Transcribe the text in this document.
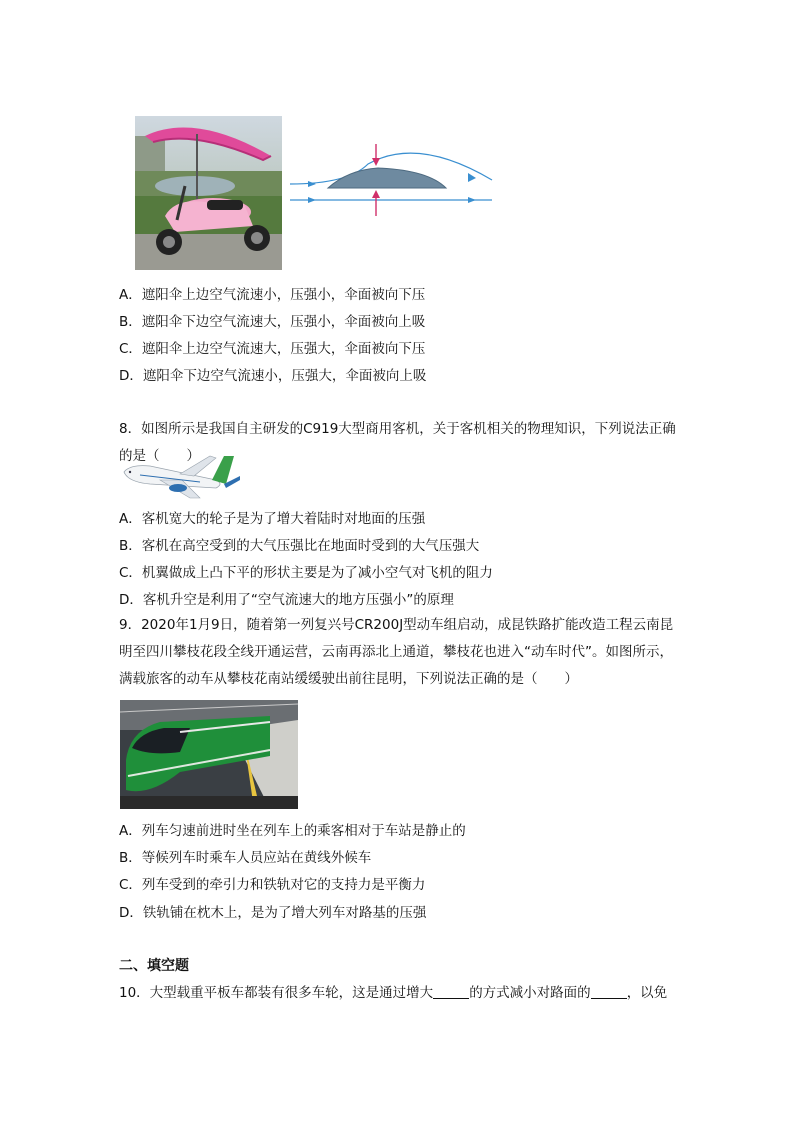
A．遮阳伞上边空气流速小，压强小，伞面被向下压
B．遮阳伞下边空气流速大，压强小，伞面被向上吸
C．遮阳伞上边空气流速大，压强大，伞面被向下压
D．遮阳伞下边空气流速小，压强大，伞面被向上吸
8．如图所示是我国自主研发的C919大型商用客机，关于客机相关的物理知识，下列说法正确的是（　　）
A．客机宽大的轮子是为了增大着陆时对地面的压强
B．客机在高空受到的大气压强比在地面时受到的大气压强大
C．机翼做成上凸下平的形状主要是为了减小空气对飞机的阻力
D．客机升空是利用了“空气流速大的地方压强小”的原理
9．2020年1月9日，随着第一列复兴号CR200J型动车组启动，成昆铁路扩能改造工程云南昆明至四川攀枝花段全线开通运营，云南再添北上通道，攀枝花也进入“动车时代”。如图所示，满载旅客的动车从攀枝花南站缓缓驶出前往昆明，下列说法正确的是（　　）
A．列车匀速前进时坐在列车上的乘客相对于车站是静止的
B．等候列车时乘车人员应站在黄线外候车
C．列车受到的牵引力和铁轨对它的支持力是平衡力
D．铁轨铺在枕木上，是为了增大列车对路基的压强
二、填空题
10．大型载重平板车都装有很多车轮，这是通过增大	的方式减小对路面的	，以免
